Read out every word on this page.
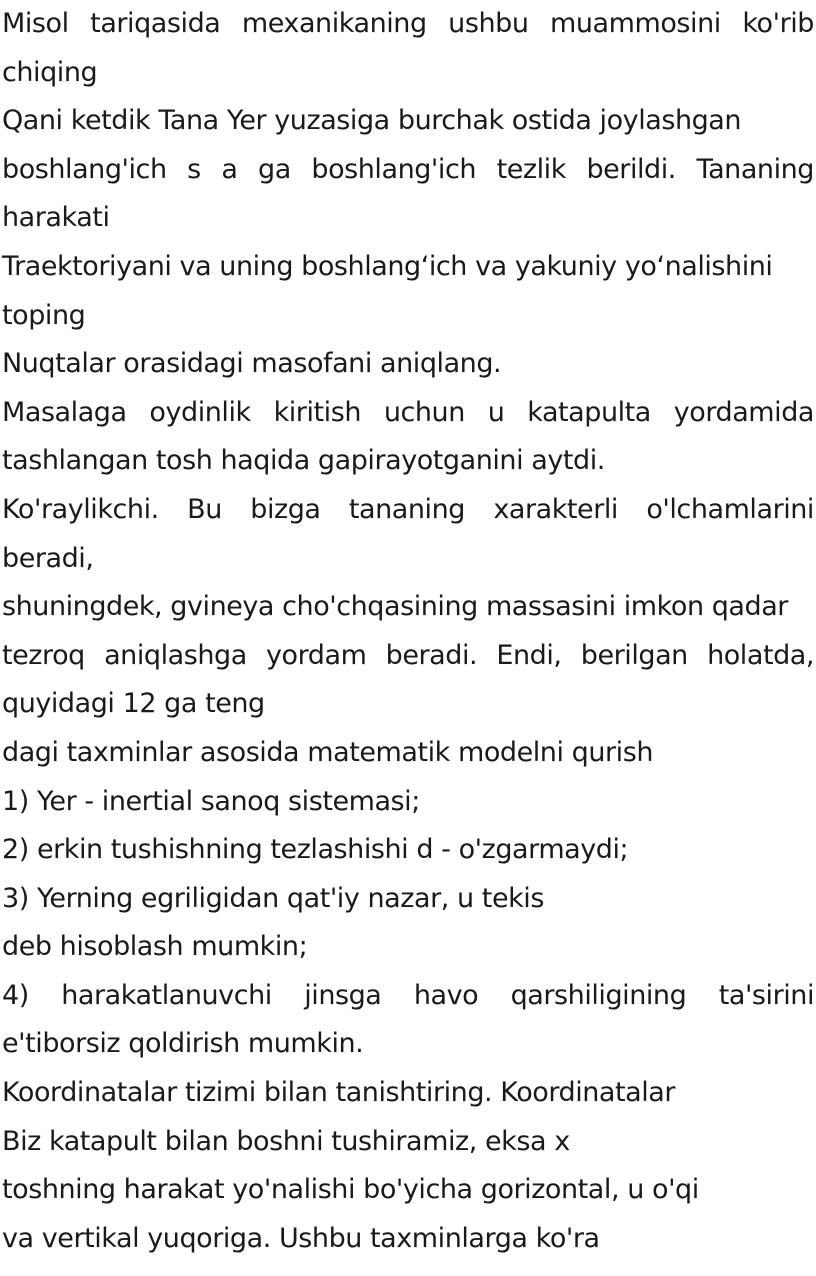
Misol tariqasida mexanikaning ushbu muammosini ko'rib

chiqing

Qani ketdik Tana Yer yuzasiga burchak ostida joylashgan

boshlang'ich s a ga boshlang'ich tezlik berildi. Tananing

harakati

Traektoriyani va uning boshlang‘ich va yakuniy yo‘nalishini

toping

Nuqtalar orasidagi masofani aniqlang.

Masalaga oydinlik kiritish uchun u katapulta yordamida

tashlangan tosh haqida gapirayotganini aytdi.

Ko'raylikchi. Bu bizga tananing xarakterli o'lchamlarini

beradi,

shuningdek, gvineya cho'chqasining massasini imkon qadar

tezroq aniqlashga yordam beradi. Endi, berilgan holatda,

quyidagi 12 ga teng

dagi taxminlar asosida matematik modelni qurish

1) Yer - inertial sanoq sistemasi;

2) erkin tushishning tezlashishi d - o'zgarmaydi;

3) Yerning egriligidan qat'iy nazar, u tekis

deb hisoblash mumkin;

4) harakatlanuvchi jinsga havo qarshiligining ta'sirini

e'tiborsiz qoldirish mumkin.

Koordinatalar tizimi bilan tanishtiring. Koordinatalar

Biz katapult bilan boshni tushiramiz, eksa x

toshning harakat yo'nalishi bo'yicha gorizontal, u o'qi

va vertikal yuqoriga. Ushbu taxminlarga ko'ra
